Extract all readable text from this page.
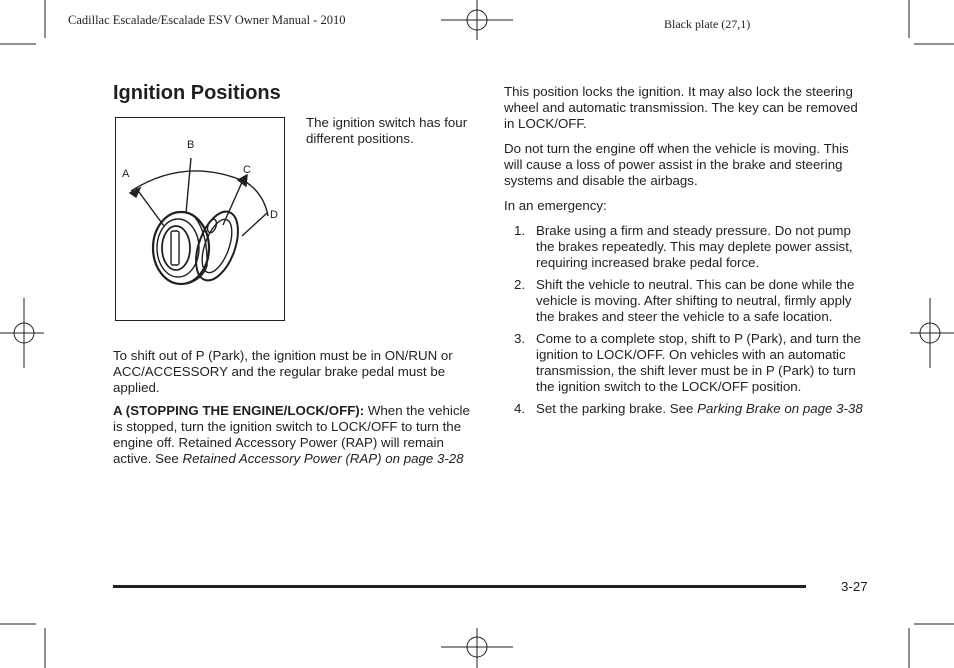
Cadillac Escalade/Escalade ESV Owner Manual - 2010	Black plate (27,1)
Ignition Positions
B
A	C
D
The ignition switch has four different positions.

To shift out of P (Park), the ignition must be in ON/RUN or ACC/ACCESSORY and the regular brake pedal must be applied.

A (STOPPING THE ENGINE/LOCK/OFF): When the vehicle is stopped, turn the ignition switch to LOCK/OFF to turn the engine off. Retained Accessory Power (RAP) will remain active. See Retained Accessory Power (RAP) on page 3-28

This position locks the ignition. It may also lock the steering wheel and automatic transmission. The key can be removed in LOCK/OFF.

Do not turn the engine off when the vehicle is moving. This will cause a loss of power assist in the brake and steering systems and disable the airbags.

In an emergency:

1. Brake using a firm and steady pressure. Do not pump the brakes repeatedly. This may deplete power assist, requiring increased brake pedal force.
2. Shift the vehicle to neutral. This can be done while the vehicle is moving. After shifting to neutral, firmly apply the brakes and steer the vehicle to a safe location.
3. Come to a complete stop, shift to P (Park), and turn the ignition to LOCK/OFF. On vehicles with an automatic transmission, the shift lever must be in P (Park) to turn the ignition switch to the LOCK/OFF position.
4. Set the parking brake. See Parking Brake on page 3-38
3-27
